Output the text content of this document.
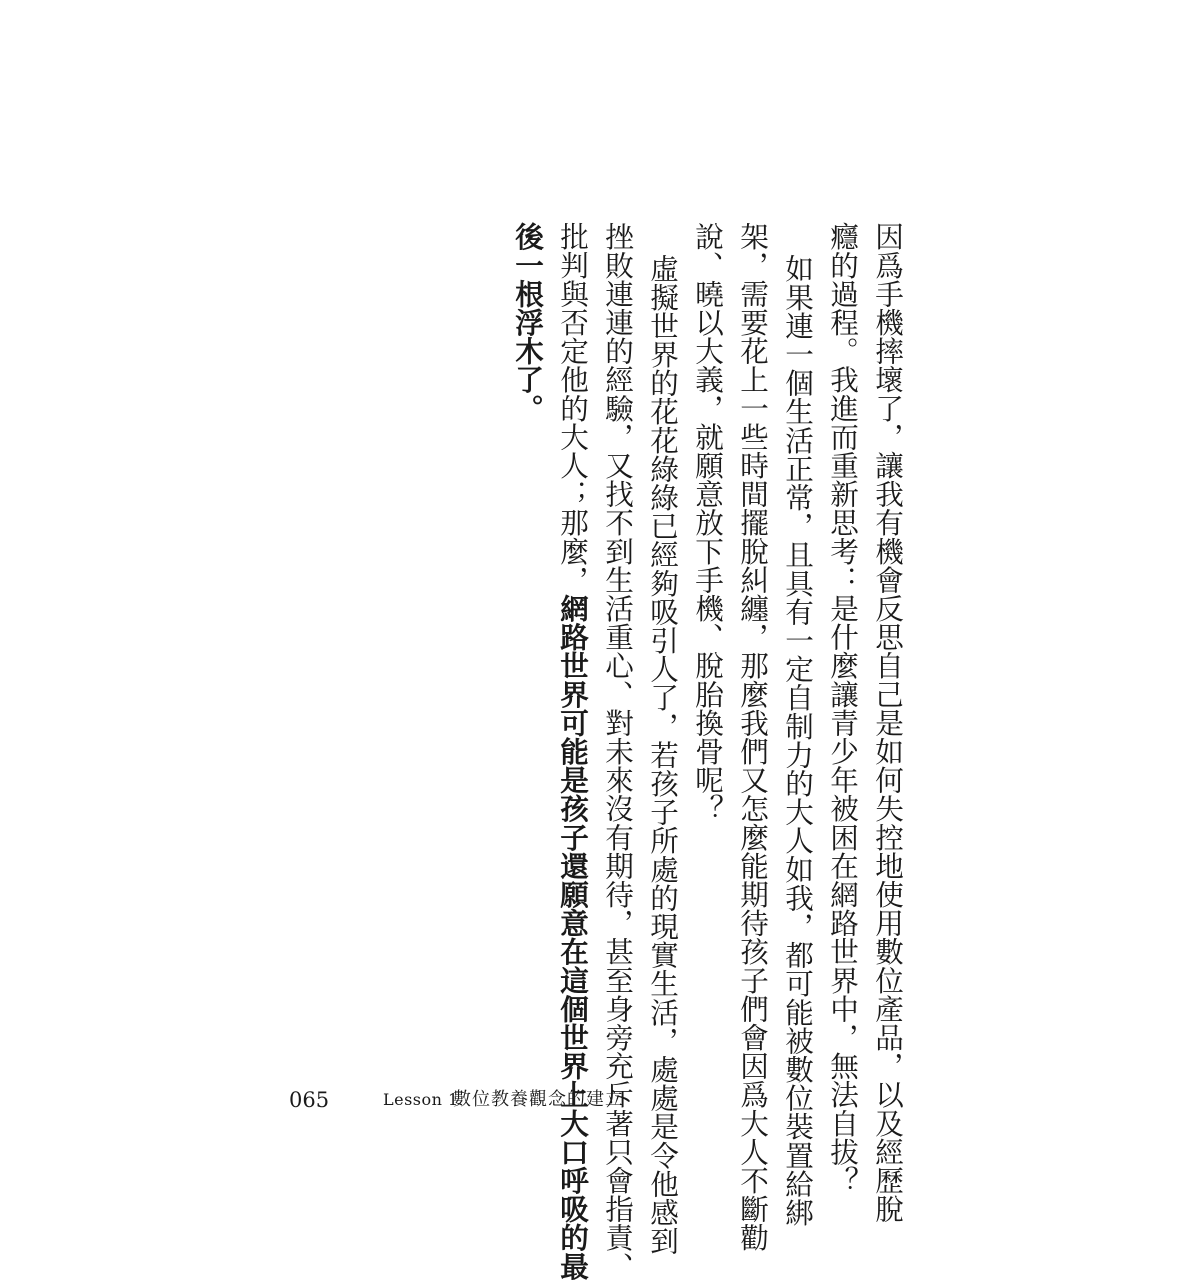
因爲手機摔壞了，讓我有機會反思自己是如何失控地使用數位產品，以及經歷脫
癮的過程。我進而重新思考：是什麼讓青少年被困在網路世界中，無法自拔？
如果連一個生活正常，且具有一定自制力的大人如我，都可能被數位裝置給綁
架，需要花上一些時間擺脫糾纏，那麼我們又怎麼能期待孩子們會因爲大人不斷勸
說、曉以大義，就願意放下手機、脫胎換骨呢？
虛擬世界的花花綠綠已經夠吸引人了，若孩子所處的現實生活，處處是令他感到
挫敗連連的經驗，又找不到生活重心、對未來沒有期待，甚至身旁充斥著只會指責、
批判與否定他的大人；那麼，網路世界可能是孩子還願意在這個世界上大口呼吸的最
後一根浮木了。
065	Lesson 1
數位教養觀念的建立
